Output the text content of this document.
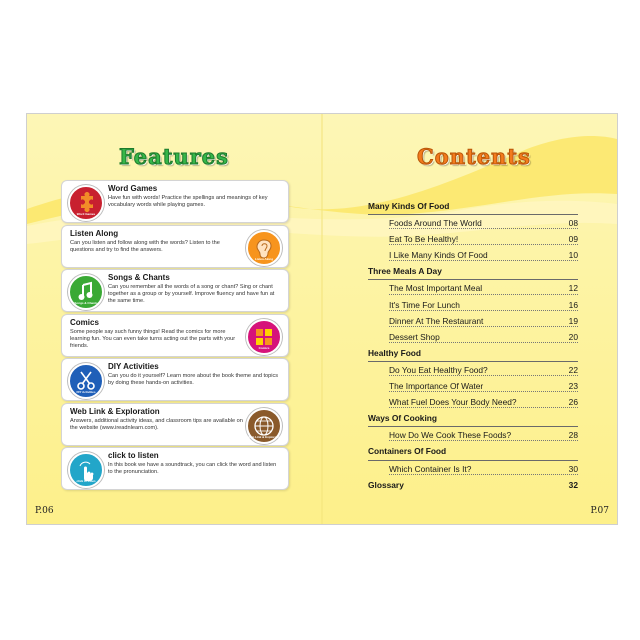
Features	Contents
Word Games
Word Games
Have fun with words! Practice the spellings and meanings of key vocabulary words while playing games.
Listen Along
Listen Along
Can you listen and follow along with the words? Listen to the questions and try to find the answers.
Songs & Chants
Songs & Chants
Can you remember all the words of a song or chant? Sing or chant together as a group or by yourself. Improve fluency and have fun at the same time.
Comics
Comics
Some people say such funny things! Read the comics for more learning fun. You can even take turns acting out the parts with your friends.
DIY Activities
DIY Activities
Can you do it yourself? Learn more about the book theme and topics by doing these hands-on activities.
Web Link & Exploration
Web Link & Exploration
Answers, additional activity ideas, and classroom tips are available on the website (www.ireadnlearn.com).
click to listen
click to listen
In this book we have a soundtrack, you can click the word and listen to the pronunciation.
Many Kinds Of Food
Foods Around The World	08
Eat To Be Healthy!	09
I Like Many Kinds Of Food	10
Three Meals A Day
The Most Important Meal	12
It's Time For Lunch	16
Dinner At The Restaurant	19
Dessert Shop	20
Healthy Food
Do You Eat Healthy Food?	22
The Importance Of Water	23
What Fuel Does Your Body Need?	26
Ways Of Cooking
How Do We Cook These Foods?	28
Containers Of Food
Which Container Is It?	30
Glossary	32
P.06	P.07
